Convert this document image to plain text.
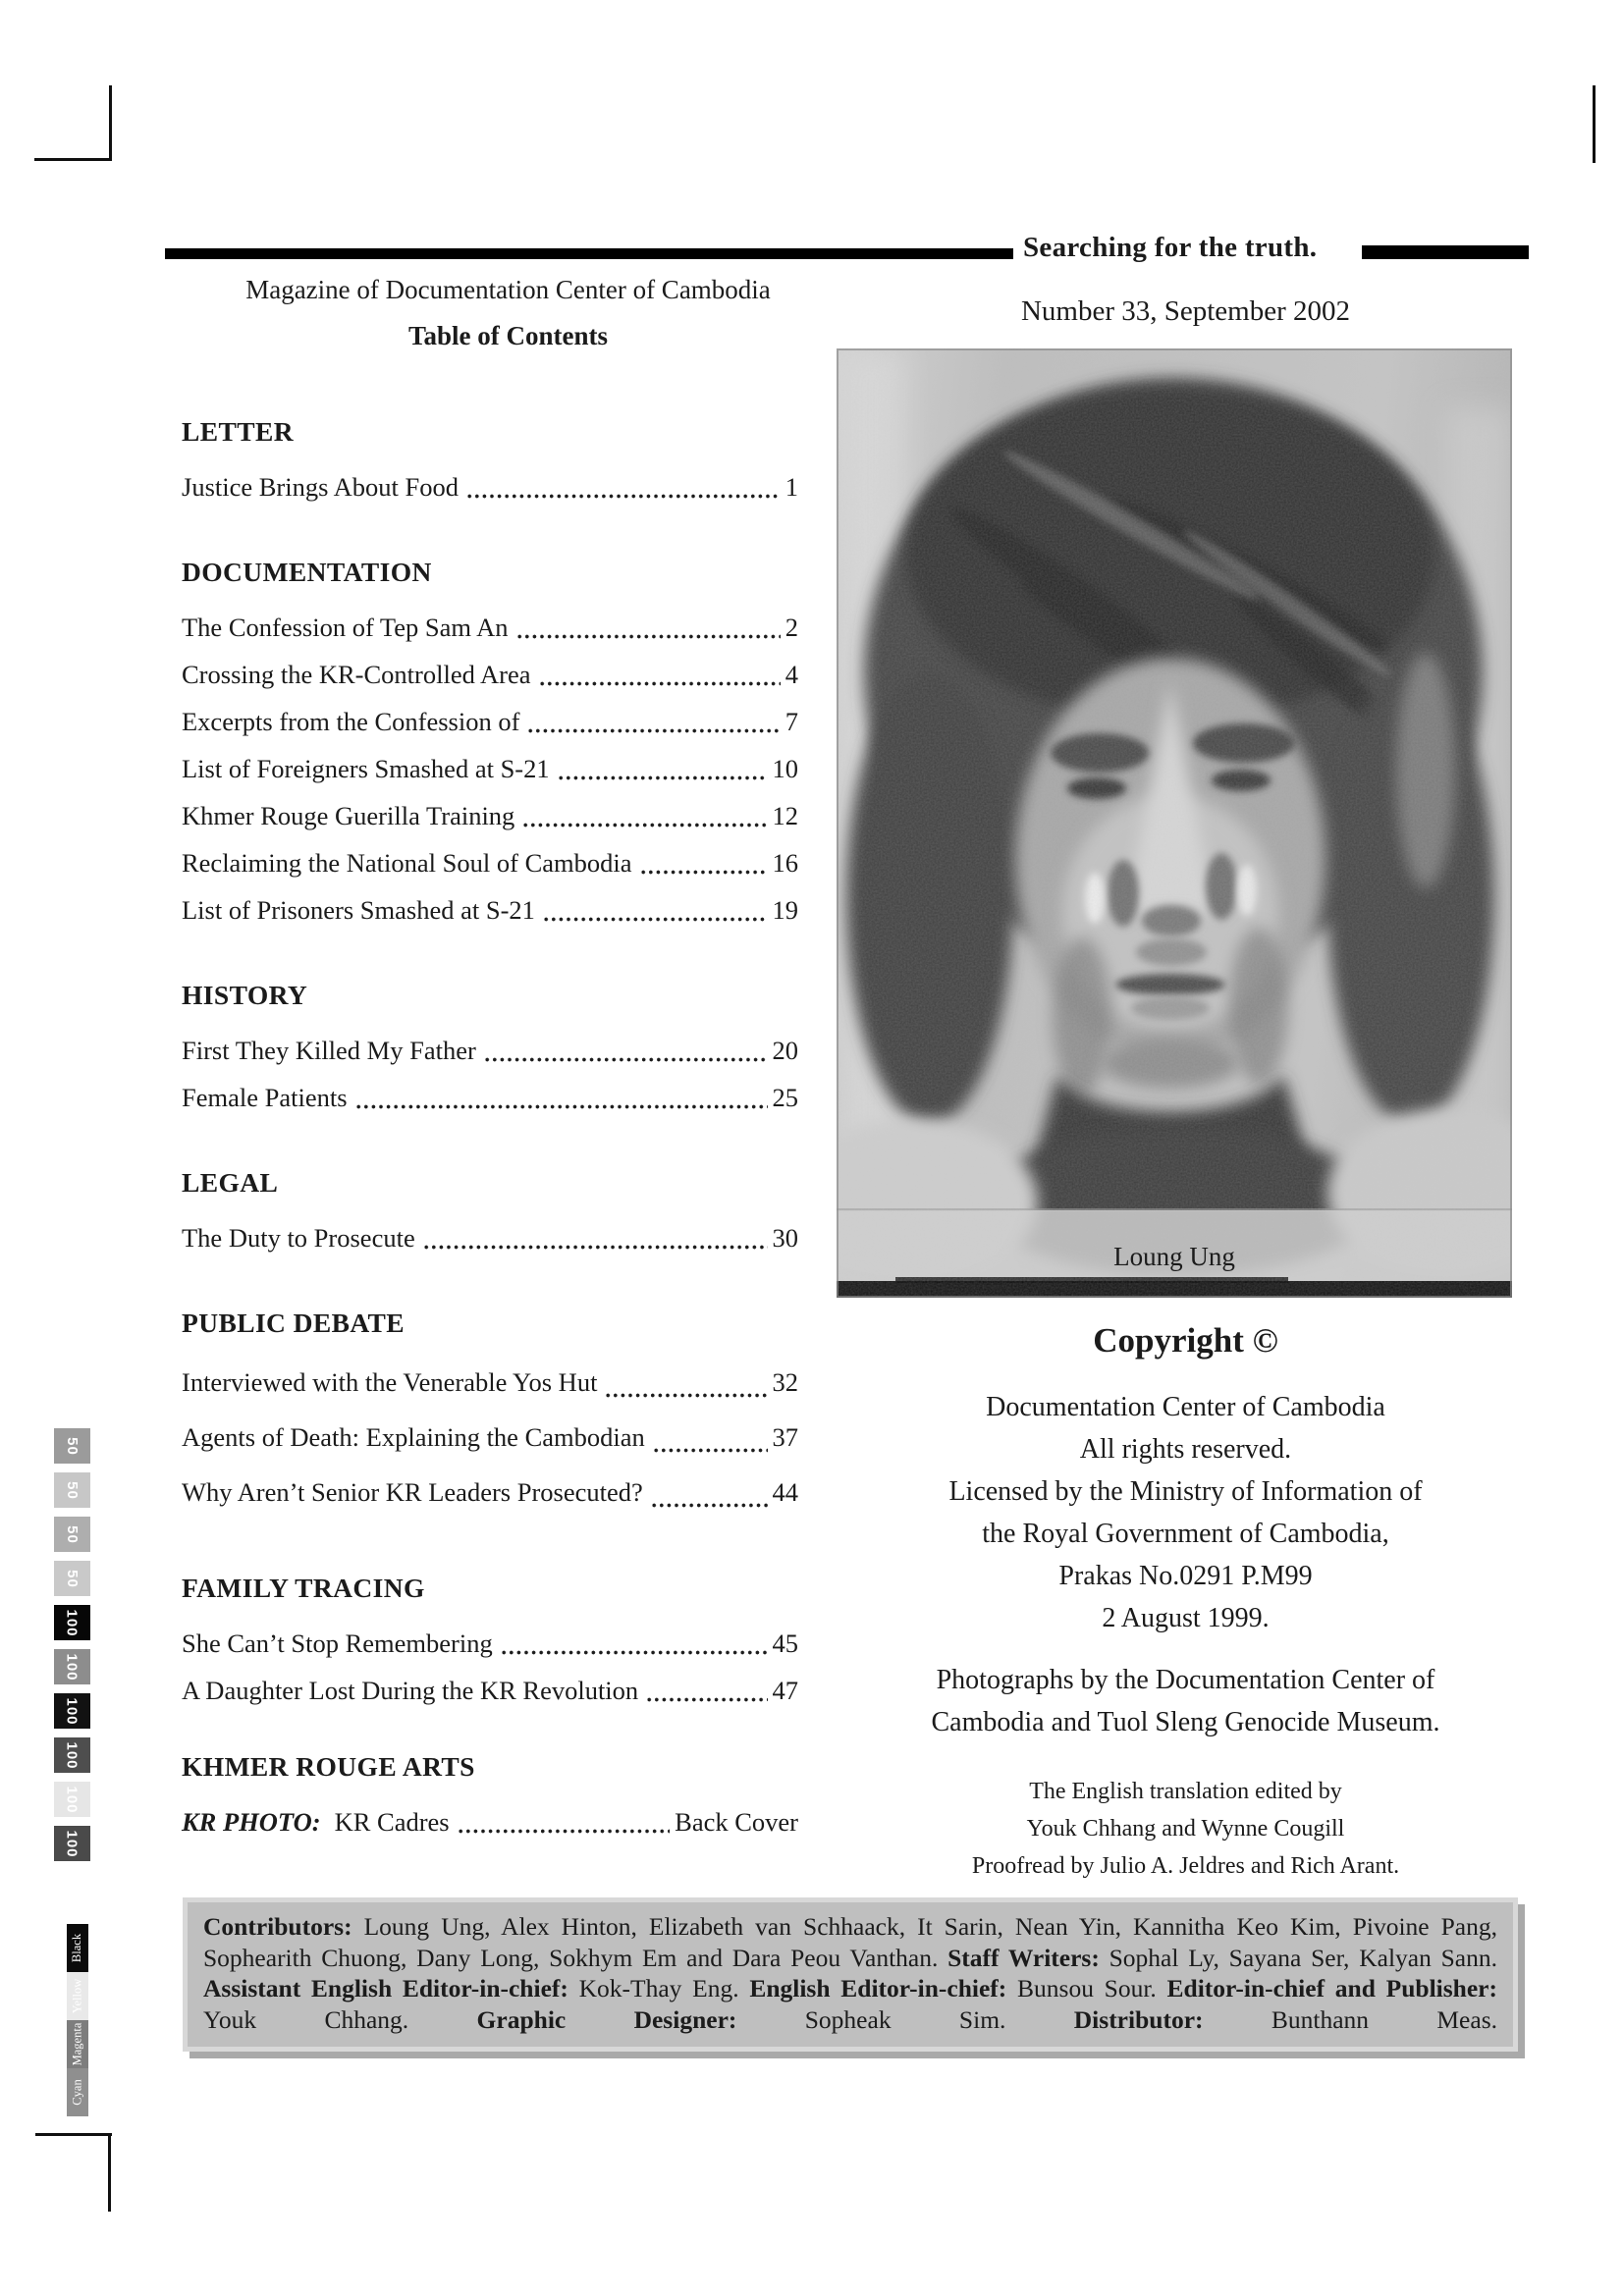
Searching for the truth.
Magazine of Documentation Center of Cambodia
Table of Contents
Number 33, September 2002
Loung Ung
LETTER
Justice Brings About Food	1
DOCUMENTATION
The Confession of Tep Sam An	2
Crossing the KR-Controlled Area	4
Excerpts from the Confession of	7
List of Foreigners Smashed at S-21	10
Khmer Rouge Guerilla Training	12
Reclaiming the National Soul of Cambodia	16
List of Prisoners Smashed at S-21	19
HISTORY
First They Killed My Father	20
Female Patients	25
LEGAL
The Duty to Prosecute	30
PUBLIC DEBATE
Interviewed with the Venerable Yos Hut	32
Agents of Death: Explaining the Cambodian	37
Why Aren’t Senior KR Leaders Prosecuted?	44
FAMILY TRACING
She Can’t Stop Remembering	45
A Daughter Lost During the KR Revolution	47
KHMER ROUGE ARTS
KR PHOTO: KR Cadres	Back Cover
Copyright ©
Documentation Center of Cambodia
All rights reserved.
Licensed by the Ministry of Information of
the Royal Government of Cambodia,
Prakas No.0291 P.M99
2 August 1999.
Photographs by the Documentation Center of
Cambodia and Tuol Sleng Genocide Museum.
The English translation edited by
Youk Chhang and Wynne Cougill
Proofread by Julio A. Jeldres and Rich Arant.
Contributors: Loung Ung, Alex Hinton, Elizabeth van Schhaack, It Sarin, Nean Yin, Kannitha Keo Kim, Pivoine Pang, Sophearith Chuong, Dany Long, Sokhym Em and Dara Peou Vanthan. Staff Writers: Sophal Ly, Sayana Ser, Kalyan Sann. Assistant English Editor-in-chief: Kok-Thay Eng. English Editor-in-chief: Bunsou Sour. Editor-in-chief and Publisher: Youk Chhang. Graphic Designer: Sopheak Sim. Distributor: Bunthann Meas.
50
50
50
50
100
100
100
100
100
100
Black
Yellow
Magenta
Cyan
